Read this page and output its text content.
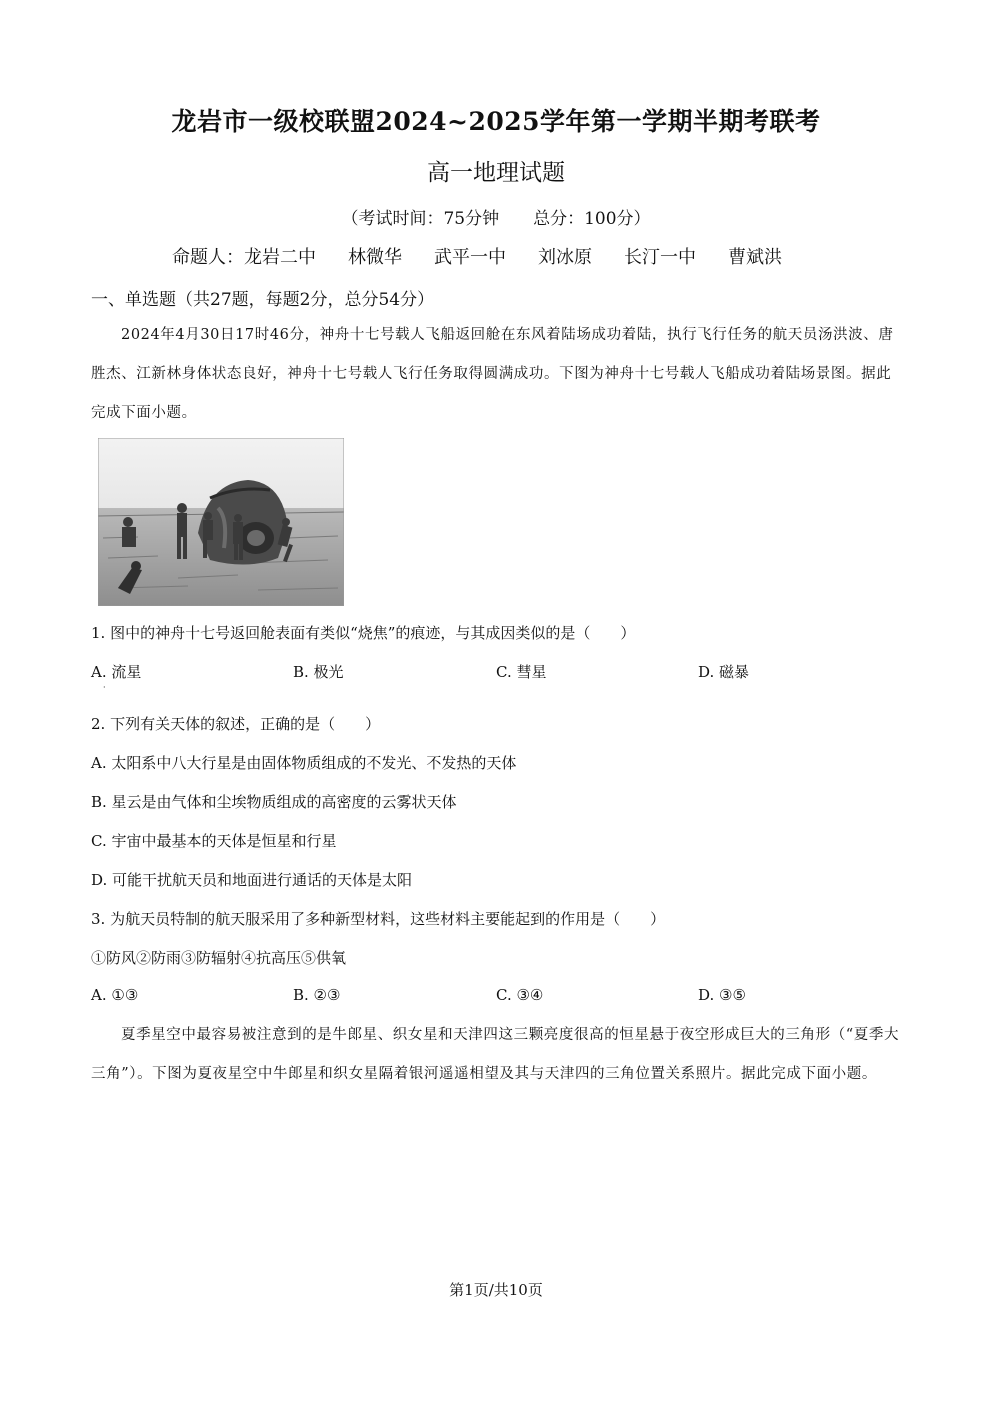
龙岩市一级校联盟2024~2025学年第一学期半期考联考
高一地理试题
（考试时间：75分钟　　总分：100分）
命题人：龙岩二中 林微华 武平一中 刘冰原 长汀一中 曹斌洪
一、单选题（共27题，每题2分，总分54分）
2024年4月30日17时46分，神舟十七号载人飞船返回舱在东风着陆场成功着陆，执行飞行任务的航天员汤洪波、唐胜杰、江新林身体状态良好，神舟十七号载人飞行任务取得圆满成功。下图为神舟十七号载人飞船成功着陆场景图。据此完成下面小题。
1. 图中的神舟十七号返回舱表面有类似“烧焦”的痕迹，与其成因类似的是（　　）
A. 流星	B. 极光	C. 彗星	D. 磁暴
·
2. 下列有关天体的叙述，正确的是（　　）
A. 太阳系中八大行星是由固体物质组成的不发光、不发热的天体
B. 星云是由气体和尘埃物质组成的高密度的云雾状天体
C. 宇宙中最基本的天体是恒星和行星
D. 可能干扰航天员和地面进行通话的天体是太阳
3. 为航天员特制的航天服采用了多种新型材料，这些材料主要能起到的作用是（　　）
①防风②防雨③防辐射④抗高压⑤供氧
A. ①③	B. ②③	C. ③④	D. ③⑤
夏季星空中最容易被注意到的是牛郎星、织女星和天津四这三颗亮度很高的恒星悬于夜空形成巨大的三角形（“夏季大三角”）。下图为夏夜星空中牛郎星和织女星隔着银河遥遥相望及其与天津四的三角位置关系照片。据此完成下面小题。
第1页/共10页
